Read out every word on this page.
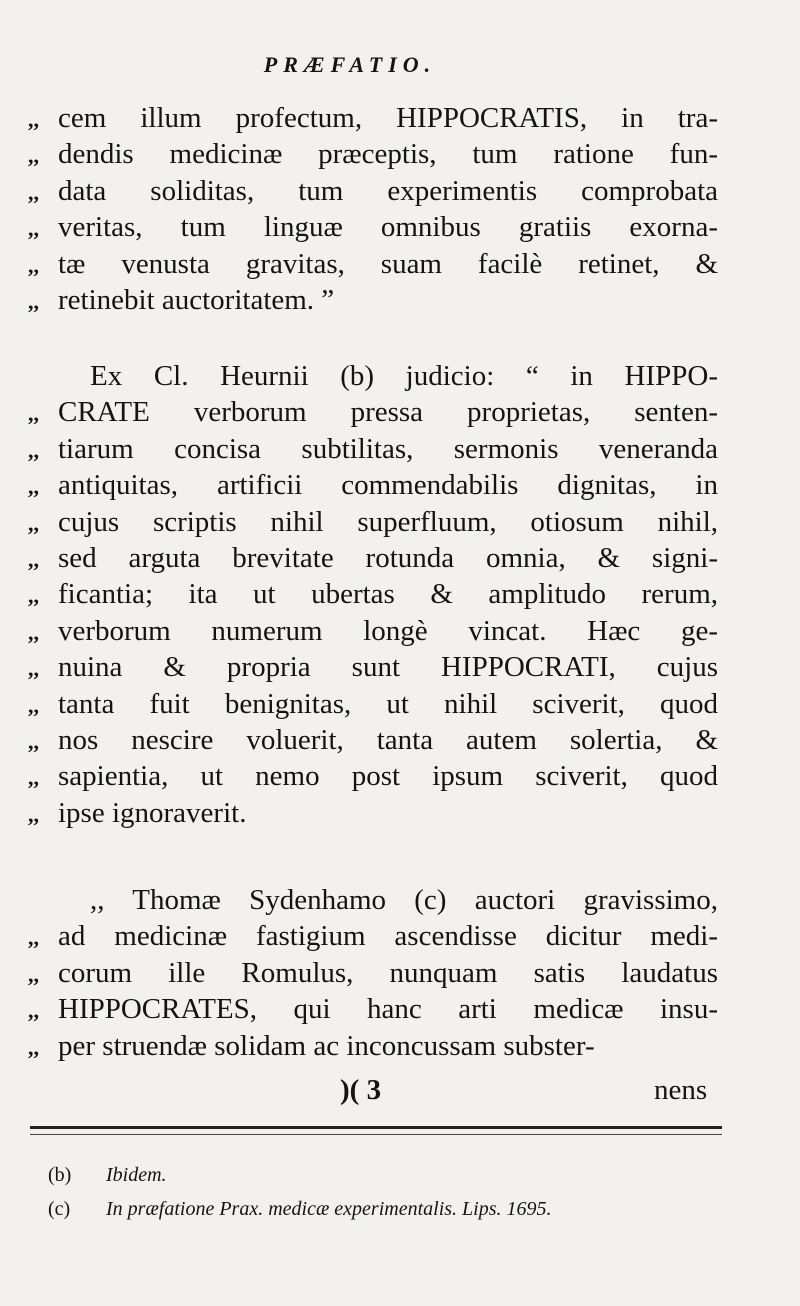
PRÆFATIO.
,, cem illum profectum, HIPPOCRATIS, in tra-
,, dendis medicinæ præceptis, tum ratione fun-
,, data soliditas, tum experimentis comprobata
,, veritas, tum linguæ omnibus gratiis exorna-
,, tæ venusta gravitas, suam facilè retinet, &
,, retinebit auctoritatem. ”
Ex Cl. Heurnii (b) judicio: “ in HIPPO-
,, CRATE verborum pressa proprietas, senten-
,, tiarum concisa subtilitas, sermonis veneranda
,, antiquitas, artificii commendabilis dignitas, in
,, cujus scriptis nihil superfluum, otiosum nihil,
,, sed arguta brevitate rotunda omnia, & signi-
,, ficantia; ita ut ubertas & amplitudo rerum,
,, verborum numerum longè vincat. Hæc ge-
,, nuina & propria sunt HIPPOCRATI, cujus
,, tanta fuit benignitas, ut nihil sciverit, quod
,, nos nescire voluerit, tanta autem solertia, &
,, sapientia, ut nemo post ipsum sciverit, quod
,, ipse ignoraverit.
,, Thomæ Sydenhamo (c) auctori gravissimo,
,, ad medicinæ fastigium ascendisse dicitur medi-
,, corum ille Romulus, nunquam satis laudatus
,, HIPPOCRATES, qui hanc arti medicæ insu-
,, per struendæ solidam ac inconcussam subster-
)( 3	nens
(b) Ibidem.
(c) In præfatione Prax. medicæ experimentalis. Lips. 1695.
